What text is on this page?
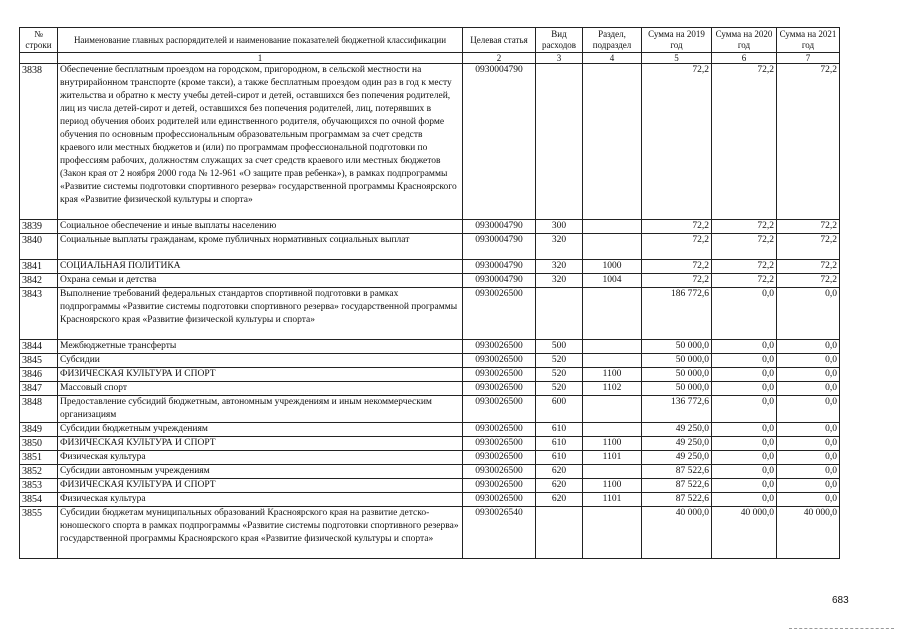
№ строки	Наименование главных распорядителей и наименование показателей бюджетной классификации	Целевая статья	Вид расходов	Раздел, подраздел	Сумма на 2019 год	Сумма на 2020 год	Сумма на 2021 год
	1	2	3	4	5	6	7
3838	Обеспечение бесплатным проездом на городском, пригородном, в сельской местности на внутрирайонном транспорте (кроме такси), а также бесплатным проездом один раз в год к месту жительства и обратно к месту учебы детей-сирот и детей, оставшихся без попечения родителей, лиц из числа детей-сирот и детей, оставшихся без попечения родителей, лиц, потерявших в период обучения обоих родителей или единственного родителя, обучающихся по очной форме обучения по основным профессиональным образовательным программам за счет средств краевого или местных бюджетов и (или) по программам профессиональной подготовки по профессиям рабочих, должностям служащих за счет средств краевого или местных бюджетов (Закон края от 2 ноября 2000 года № 12-961 «О защите прав ребенка»), в рамках подпрограммы «Развитие системы подготовки спортивного резерва» государственной программы Красноярского края «Развитие физической культуры и спорта»	0930004790			72,2	72,2	72,2
3839	Социальное обеспечение и иные выплаты населению	0930004790	300		72,2	72,2	72,2
3840	Социальные выплаты гражданам, кроме публичных нормативных социальных выплат	0930004790	320		72,2	72,2	72,2
3841	СОЦИАЛЬНАЯ ПОЛИТИКА	0930004790	320	1000	72,2	72,2	72,2
3842	Охрана семьи и детства	0930004790	320	1004	72,2	72,2	72,2
3843	Выполнение требований федеральных стандартов спортивной подготовки в рамках подпрограммы «Развитие системы подготовки спортивного резерва» государственной программы Красноярского края «Развитие физической культуры и спорта»	0930026500			186 772,6	0,0	0,0
3844	Межбюджетные трансферты	0930026500	500		50 000,0	0,0	0,0
3845	Субсидии	0930026500	520		50 000,0	0,0	0,0
3846	ФИЗИЧЕСКАЯ КУЛЬТУРА И СПОРТ	0930026500	520	1100	50 000,0	0,0	0,0
3847	Массовый спорт	0930026500	520	1102	50 000,0	0,0	0,0
3848	Предоставление субсидий бюджетным, автономным учреждениям и иным некоммерческим организациям	0930026500	600		136 772,6	0,0	0,0
3849	Субсидии бюджетным учреждениям	0930026500	610		49 250,0	0,0	0,0
3850	ФИЗИЧЕСКАЯ КУЛЬТУРА И СПОРТ	0930026500	610	1100	49 250,0	0,0	0,0
3851	Физическая культура	0930026500	610	1101	49 250,0	0,0	0,0
3852	Субсидии автономным учреждениям	0930026500	620		87 522,6	0,0	0,0
3853	ФИЗИЧЕСКАЯ КУЛЬТУРА И СПОРТ	0930026500	620	1100	87 522,6	0,0	0,0
3854	Физическая культура	0930026500	620	1101	87 522,6	0,0	0,0
3855	Субсидии бюджетам муниципальных образований Красноярского края на развитие детско-юношеского спорта в рамках подпрограммы «Развитие системы подготовки спортивного резерва» государственной программы Красноярского края «Развитие физической культуры и спорта»	0930026540			40 000,0	40 000,0	40 000,0
683
